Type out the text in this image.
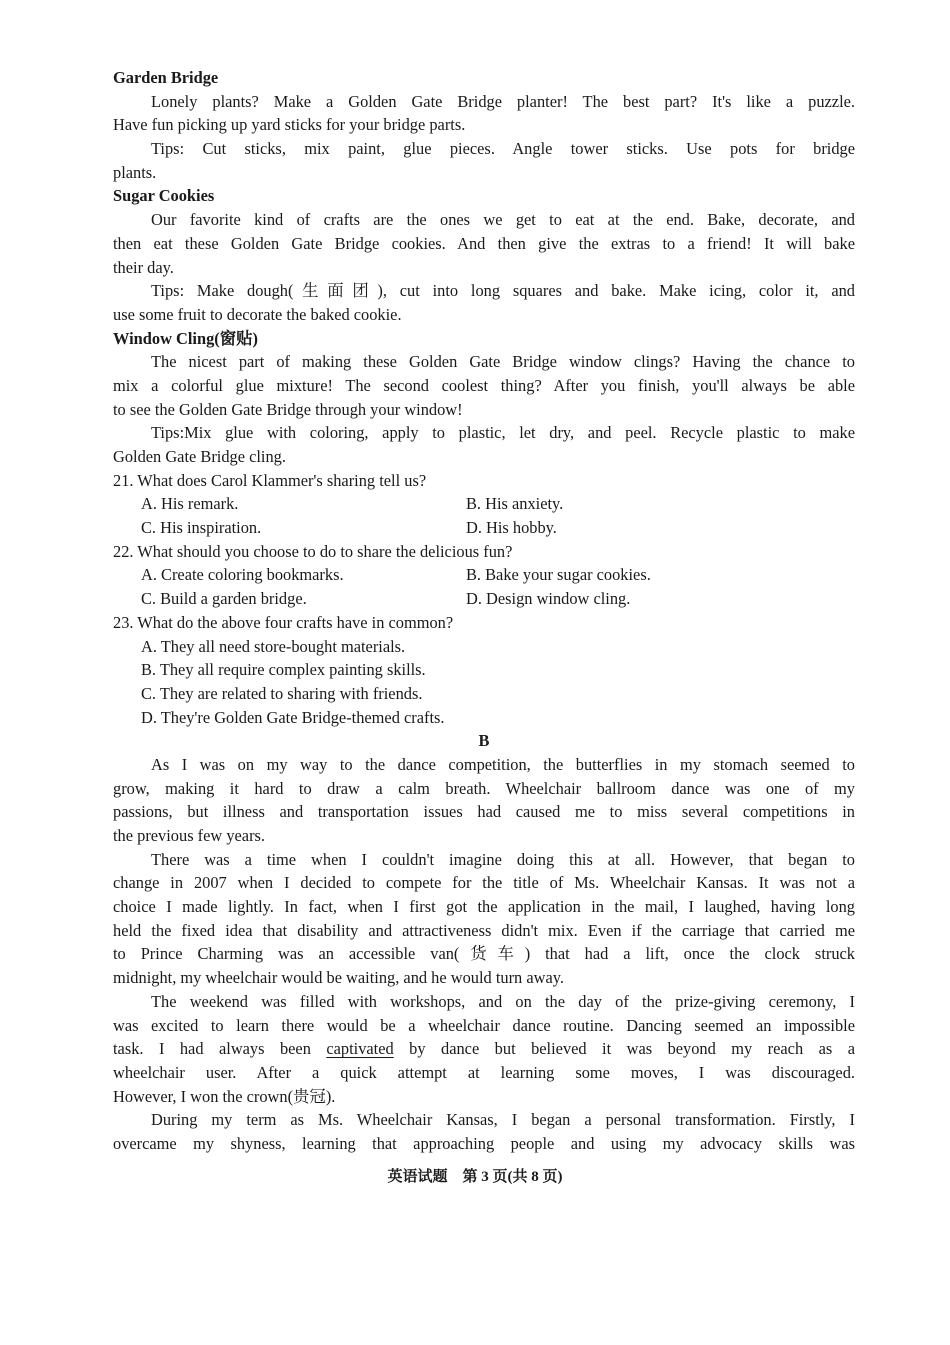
Garden Bridge
Lonely plants? Make a Golden Gate Bridge planter! The best part? It's like a puzzle.
Have fun picking up yard sticks for your bridge parts.
Tips: Cut sticks, mix paint, glue pieces. Angle tower sticks. Use pots for bridge
plants.
Sugar Cookies
Our favorite kind of crafts are the ones we get to eat at the end. Bake, decorate, and
then eat these Golden Gate Bridge cookies. And then give the extras to a friend! It will bake
their day.
Tips: Make dough(生面团), cut into long squares and bake. Make icing, color it, and
use some fruit to decorate the baked cookie.
Window Cling(窗贴)
The nicest part of making these Golden Gate Bridge window clings? Having the chance to
mix a colorful glue mixture! The second coolest thing? After you finish, you'll always be able
to see the Golden Gate Bridge through your window!
Tips:Mix glue with coloring, apply to plastic, let dry, and peel. Recycle plastic to make
Golden Gate Bridge cling.
21. What does Carol Klammer's sharing tell us?
A. His remark.	B. His anxiety.
C. His inspiration.	D. His hobby.
22. What should you choose to do to share the delicious fun?
A. Create coloring bookmarks.	B. Bake your sugar cookies.
C. Build a garden bridge.	D. Design window cling.
23. What do the above four crafts have in common?
A. They all need store-bought materials.
B. They all require complex painting skills.
C. They are related to sharing with friends.
D. They're Golden Gate Bridge-themed crafts.
B
As I was on my way to the dance competition, the butterflies in my stomach seemed to
grow, making it hard to draw a calm breath. Wheelchair ballroom dance was one of my
passions, but illness and transportation issues had caused me to miss several competitions in
the previous few years.
There was a time when I couldn't imagine doing this at all. However, that began to
change in 2007 when I decided to compete for the title of Ms. Wheelchair Kansas. It was not a
choice I made lightly. In fact, when I first got the application in the mail, I laughed, having long
held the fixed idea that disability and attractiveness didn't mix. Even if the carriage that carried me
to Prince Charming was an accessible van(货车) that had a lift, once the clock struck
midnight, my wheelchair would be waiting, and he would turn away.
The weekend was filled with workshops, and on the day of the prize-giving ceremony, I
was excited to learn there would be a wheelchair dance routine. Dancing seemed an impossible
task. I had always been captivated by dance but believed it was beyond my reach as a
wheelchair user. After a quick attempt at learning some moves, I was discouraged.
However, I won the crown(贵冠).
During my term as Ms. Wheelchair Kansas, I began a personal transformation. Firstly, I
overcame my shyness, learning that approaching people and using my advocacy skills was
英语试题　第 3 页(共 8 页)
